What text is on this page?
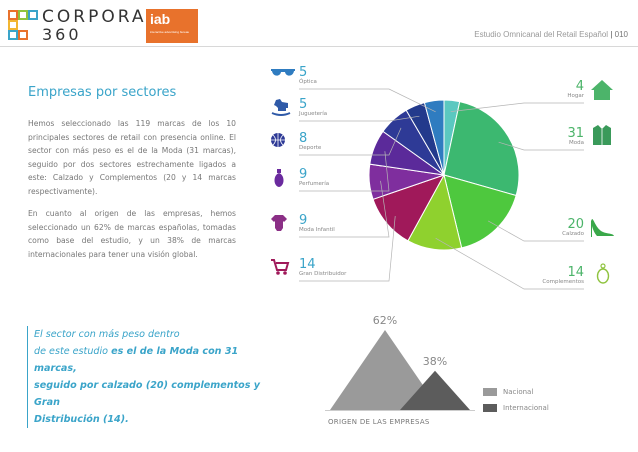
CORPORA
360
iab
interactive advertising bureau	Estudio Omnicanal del Retail Español | 010
Empresas por sectores
Hemos seleccionado las 119 marcas de los 10 principales sectores de retail con presencia online. El sector con más peso es el de la Moda (31 marcas), seguido por dos sectores estrechamente ligados a este: Calzado y Complementos (20 y 14 marcas respectivamente).
En cuanto al origen de las empresas, hemos seleccionado un 62% de marcas españolas, tomadas como base del estudio, y un 38% de marcas internacionales para tener una visión global.
El sector con más peso dentro
de este estudio es el de la Moda con 31 marcas,
seguido por calzado (20) complementos y Gran
Distribución (14).
4
Hogar
31
Moda
20
Calzado
14
Complementos
14
Gran Distribuidor
9
Moda Infantil
9
Perfumería
8
Deporte
5
Juguetería
5
Óptica
62%
38%
Nacional
Internacional
ORIGEN DE LAS EMPRESAS
